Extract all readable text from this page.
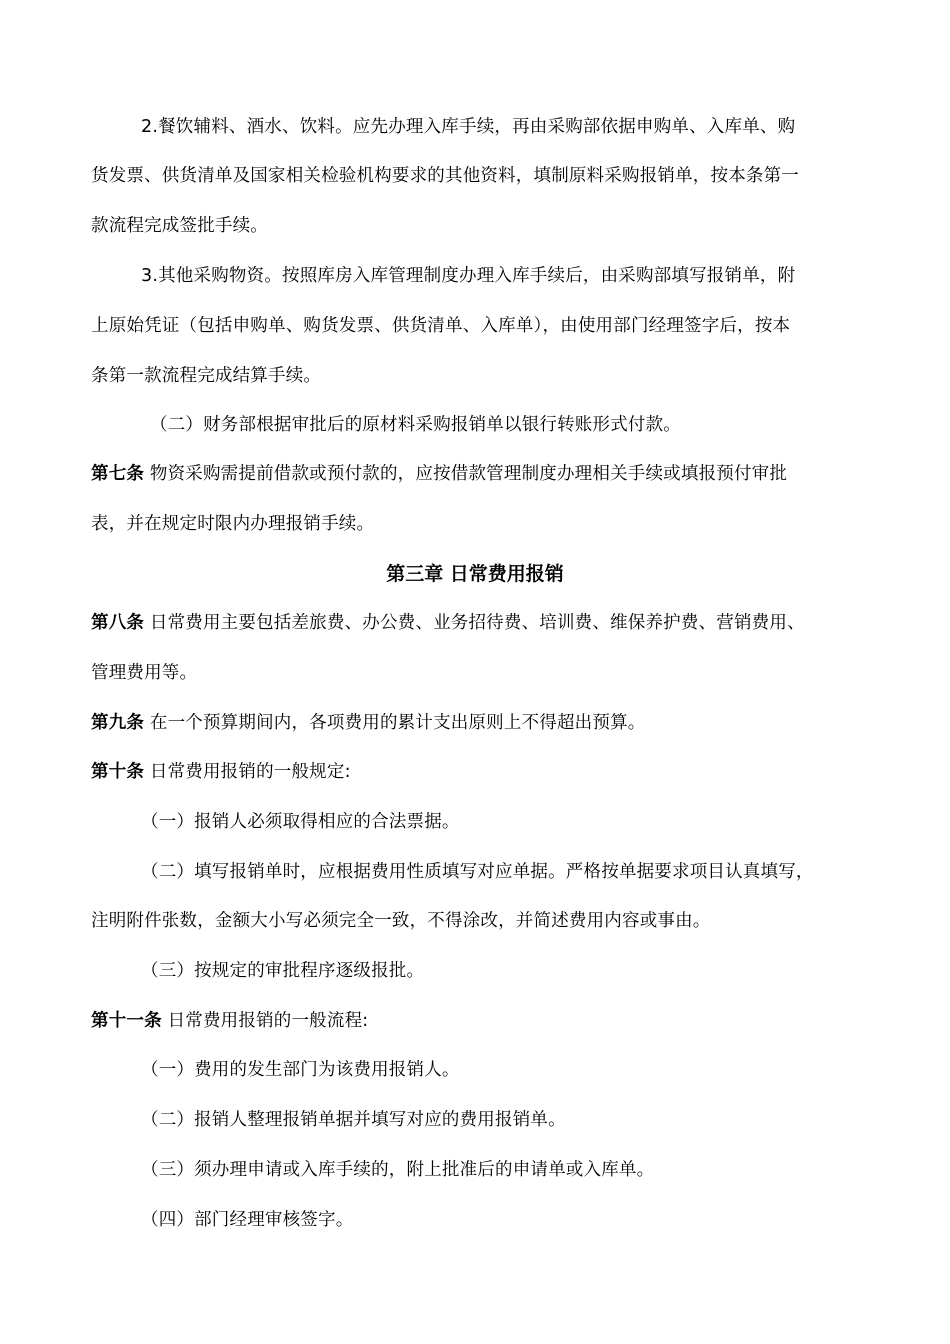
2.餐饮辅料、酒水、饮料。应先办理入库手续，再由采购部依据申购单、入库单、购
货发票、供货清单及国家相关检验机构要求的其他资料，填制原料采购报销单，按本条第一
款流程完成签批手续。
3.其他采购物资。按照库房入库管理制度办理入库手续后，由采购部填写报销单，附
上原始凭证（包括申购单、购货发票、供货清单、入库单），由使用部门经理签字后，按本
条第一款流程完成结算手续。
（二）财务部根据审批后的原材料采购报销单以银行转账形式付款。
第七条 物资采购需提前借款或预付款的，应按借款管理制度办理相关手续或填报预付审批
表，并在规定时限内办理报销手续。
第三章 日常费用报销
第八条 日常费用主要包括差旅费、办公费、业务招待费、培训费、维保养护费、营销费用、
管理费用等。
第九条 在一个预算期间内，各项费用的累计支出原则上不得超出预算。
第十条 日常费用报销的一般规定:
（一）报销人必须取得相应的合法票据。
（二）填写报销单时，应根据费用性质填写对应单据。严格按单据要求项目认真填写，
注明附件张数，金额大小写必须完全一致，不得涂改，并简述费用内容或事由。
（三）按规定的审批程序逐级报批。
第十一条 日常费用报销的一般流程:
（一）费用的发生部门为该费用报销人。
（二）报销人整理报销单据并填写对应的费用报销单。
（三）须办理申请或入库手续的，附上批准后的申请单或入库单。
（四）部门经理审核签字。
